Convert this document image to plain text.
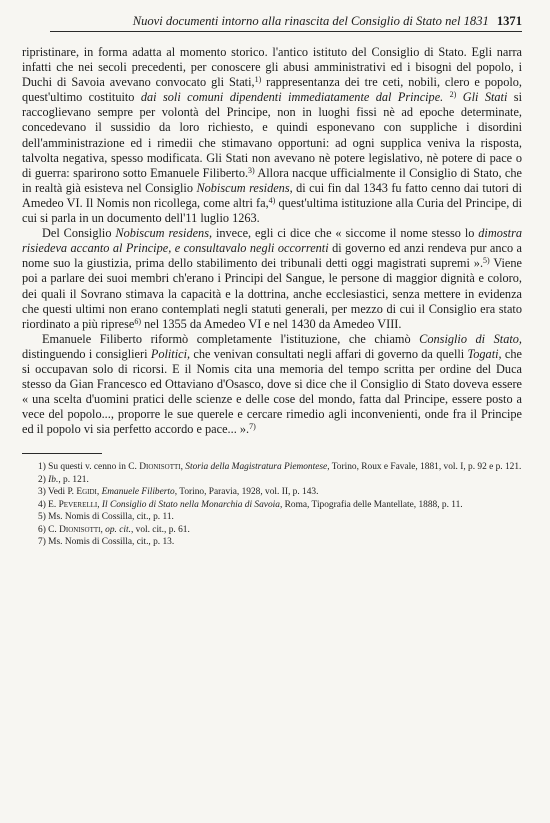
Nuovi documenti intorno alla rinascita del Consiglio di Stato nel 1831 1371

ripristinare, in forma adatta al momento storico. l'antico istituto del Consiglio di Stato. Egli narra infatti che nei secoli precedenti, per conoscere gli abusi amministrativi ed i bisogni del popolo, i Duchi di Savoia avevano convocato gli Stati,$^{1)}$ rappresentanza dei tre ceti, nobili, clero e popolo, quest'ultimo costituito dai soli comuni dipendenti immediatamente dal Principe. $^{2)}$ Gli Stati si raccoglievano sempre per volontà del Principe, non in luoghi fissi nè ad epoche determinate, concedevano il sussidio da loro richiesto, e quindi esponevano con suppliche i disordini dell'amministrazione ed i rimedii che stimavano opportuni: ad ogni supplica veniva la risposta, talvolta negativa, spesso modificata. Gli Stati non avevano nè potere legislativo, nè potere di pace o di guerra: sparirono sotto Emanuele Filiberto.$^{3)}$ Allora nacque ufficialmente il Consiglio di Stato, che in realtà già esisteva nel Consiglio Nobiscum residens, di cui fin dal 1343 fu fatto cenno dai tutori di Amedeo VI. Il Nomis non ricollega, come altri fa,$^{4)}$ quest'ultima istituzione alla Curia del Principe, di cui si parla in un documento dell'11 luglio 1263.

Del Consiglio Nobiscum residens, invece, egli ci dice che « siccome il nome stesso lo dimostra risiedeva accanto al Principe, e consultavalo negli occorrenti di governo ed anzi rendeva pur anco a nome suo la giustizia, prima dello stabilimento dei tribunali detti oggi magistrati supremi ».$^{5)}$ Viene poi a parlare dei suoi membri ch'erano i Principi del Sangue, le persone di maggior dignità e coloro, dei quali il Sovrano stimava la capacità e la dottrina, anche ecclesiastici, senza mettere in evidenza che questi ultimi non erano contemplati negli statuti generali, per mezzo di cui il Consiglio era stato riordinato a più riprese$^{6)}$ nel 1355 da Amedeo VI e nel 1430 da Amedeo VIII.

Emanuele Filiberto riformò completamente l'istituzione, che chiamò Consiglio di Stato, distinguendo i consiglieri Politici, che venivan consultati negli affari di governo da quelli Togati, che si occupavan solo di ricorsi. E il Nomis cita una memoria del tempo scritta per ordine del Duca stesso da Gian Francesco ed Ottaviano d'Osasco, dove si dice che il Consiglio di Stato doveva essere « una scelta d'uomini pratici delle scienze e delle cose del mondo, fatta dal Principe, essere posto a vece del popolo..., proporre le sue querele e cercare rimedio agli inconvenienti, onde fra il Principe ed il popolo vi sia perfetto accordo e pace... ».$^{7)}$

1) Su questi v. cenno in C. Dionisotti, Storia della Magistratura Piemontese, Torino, Roux e Favale, 1881, vol. I, p. 92 e p. 121.

2) Ib., p. 121.

3) Vedi P. Egidi, Emanuele Filiberto, Torino, Paravia, 1928, vol. II, p. 143.

4) E. Peverelli, Il Consiglio di Stato nella Monarchia di Savoia, Roma, Tipografia delle Mantellate, 1888, p. 11.

5) Ms. Nomis di Cossilla, cit., p. 11.

6) C. Dionisotti, op. cit., vol. cit., p. 61.

7) Ms. Nomis di Cossilla, cit., p. 13.
